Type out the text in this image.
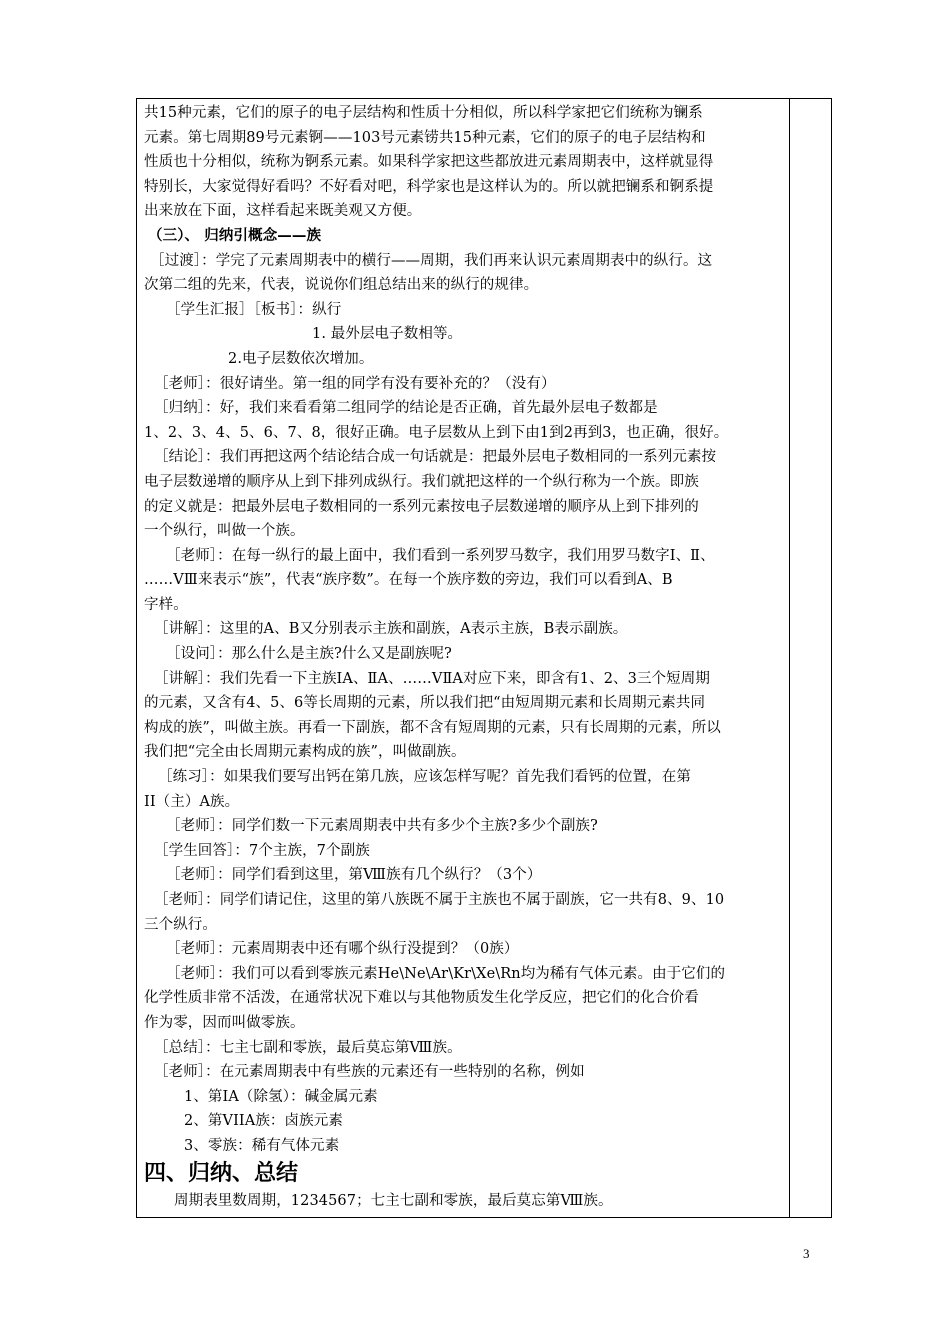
共15种元素，它们的原子的电子层结构和性质十分相似，所以科学家把它们统称为镧系
元素。第七周期89号元素锕——103号元素铹共15种元素，它们的原子的电子层结构和
性质也十分相似，统称为锕系元素。如果科学家把这些都放进元素周期表中，这样就显得
特别长，大家觉得好看吗？不好看对吧，科学家也是这样认为的。所以就把镧系和锕系提
出来放在下面，这样看起来既美观又方便。
（三）、 归纳引概念——族
［过渡］：学完了元素周期表中的横行——周期，我们再来认识元素周期表中的纵行。这
次第二组的先来，代表，说说你们组总结出来的纵行的规律。
［学生汇报］［板书］：纵行
1. 最外层电子数相等。
2.电子层数依次增加。
［老师］：很好请坐。第一组的同学有没有要补充的？（没有）
［归纳］：好，我们来看看第二组同学的结论是否正确，首先最外层电子数都是
1、2、3、4、5、6、7、8，很好正确。电子层数从上到下由1到2再到3，也正确，很好。
［结论］：我们再把这两个结论结合成一句话就是：把最外层电子数相同的一系列元素按
电子层数递增的顺序从上到下排列成纵行。我们就把这样的一个纵行称为一个族。即族
的定义就是：把最外层电子数相同的一系列元素按电子层数递增的顺序从上到下排列的
一个纵行，叫做一个族。
［老师］：在每一纵行的最上面中，我们看到一系列罗马数字，我们用罗马数字Ⅰ、Ⅱ、
……ⅤⅢ来表示“族”，代表“族序数”。在每一个族序数的旁边，我们可以看到A、B
字样。
［讲解］：这里的A、B又分别表示主族和副族，A表示主族，B表示副族。
［设问］：那么什么是主族?什么又是副族呢?
［讲解］：我们先看一下主族ⅠA、ⅡA、……ⅤⅡA对应下来，即含有1、2、3三个短周期
的元素，又含有4、5、6等长周期的元素，所以我们把“由短周期元素和长周期元素共同
构成的族”，叫做主族。再看一下副族，都不含有短周期的元素，只有长周期的元素，所以
我们把“完全由长周期元素构成的族”，叫做副族。
［练习］：如果我们要写出钙在第几族，应该怎样写呢？首先我们看钙的位置，在第
ⅠⅠ（主）A族。
［老师］：同学们数一下元素周期表中共有多少个主族?多少个副族?
［学生回答］：7个主族，7个副族
［老师］：同学们看到这里，第Ⅷ族有几个纵行？（3个）
［老师］：同学们请记住，这里的第八族既不属于主族也不属于副族，它一共有8、9、10
三个纵行。
［老师］：元素周期表中还有哪个纵行没提到？（0族）
［老师］：我们可以看到零族元素He\Ne\Ar\Kr\Xe\Rn均为稀有气体元素。由于它们的
化学性质非常不活泼，在通常状况下难以与其他物质发生化学反应，把它们的化合价看
作为零，因而叫做零族。
［总结］：七主七副和零族，最后莫忘第Ⅷ族。
［老师］：在元素周期表中有些族的元素还有一些特别的名称，例如
1、第IA（除氢）：碱金属元素
2、第VIIA族：卤族元素
3、零族：稀有气体元素
四、归纳、总结
周期表里数周期，1234567；七主七副和零族，最后莫忘第Ⅷ族。
3
